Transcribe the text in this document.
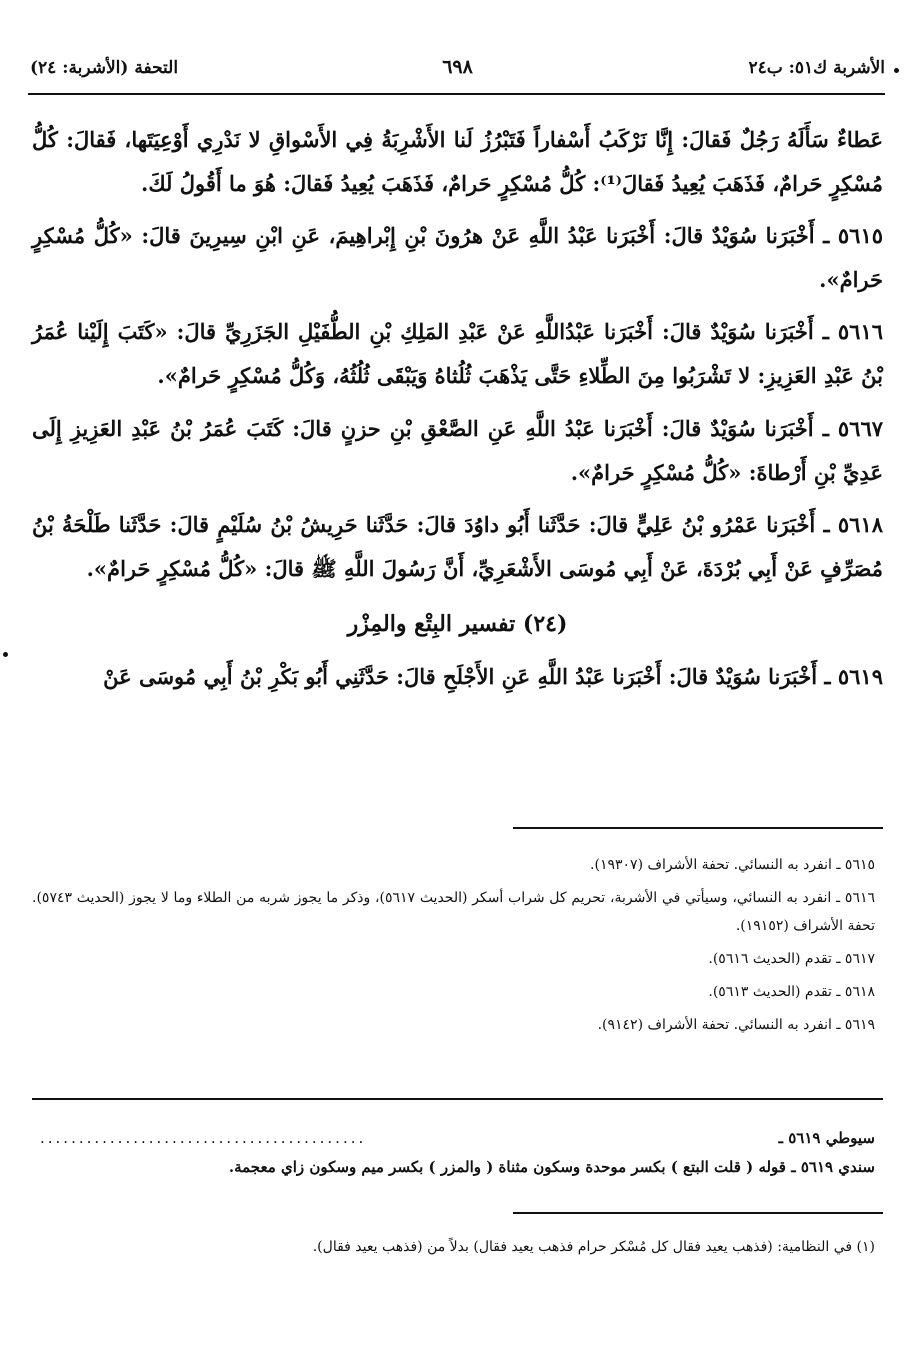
الأشربة ك٥١: ب٢٤
٦٩٨
التحفة (الأشربة: ٢٤)

عَطاءٌ سَأَلَهُ رَجُلٌ فَقالَ: إِنَّا نَرْكَبُ أَسْفاراً فَتَبْرُزُ لَنا الأَشْرِبَةُ فِي الأَسْواقِ لا نَدْرِي أَوْعِيَتَها، فَقالَ: كُلُّ مُسْكِرٍ حَرامٌ، فَذَهَبَ يُعِيدُ فَقالَ⁽¹⁾: كُلُّ مُسْكِرٍ حَرامٌ، فَذَهَبَ يُعِيدُ فَقالَ: هُوَ ما أَقُولُ لَكَ.

٥٦١٥ ـ أَخْبَرَنا سُوَيْدٌ قالَ: أَخْبَرَنا عَبْدُ اللَّهِ عَنْ هرُونَ بْنِ إِبْراهِيمَ، عَنِ ابْنِ سِيرِينَ قالَ: «كُلُّ مُسْكِرٍ حَرامٌ».

٥٦١٦ ـ أَخْبَرَنا سُوَيْدٌ قالَ: أَخْبَرَنا عَبْدُاللَّهِ عَنْ عَبْدِ المَلِكِ بْنِ الطُّفَيْلِ الجَزَرِيِّ قالَ: «كَتَبَ إِلَيْنا عُمَرُ بْنُ عَبْدِ العَزِيزِ: لا تَشْرَبُوا مِنَ الطِّلاءِ حَتَّى يَذْهَبَ ثُلُثاهُ وَيَبْقَى ثُلُثُهُ، وَكُلُّ مُسْكِرٍ حَرامٌ».

٥٦٦٧ ـ أَخْبَرَنا سُوَيْدٌ قالَ: أَخْبَرَنا عَبْدُ اللَّهِ عَنِ الصَّعْقِ بْنِ حزنٍ قالَ: كَتَبَ عُمَرُ بْنُ عَبْدِ العَزِيزِ إِلَى عَدِيِّ بْنِ أَرْطاةَ: «كُلُّ مُسْكِرٍ حَرامٌ».

٥٦١٨ ـ أَخْبَرَنا عَمْرُو بْنُ عَلِيٍّ قالَ: حَدَّثَنا أَبُو داوُدَ قالَ: حَدَّثَنا حَرِيشُ بْنُ سُلَيْمٍ قالَ: حَدَّثَنا طَلْحَةُ بْنُ مُصَرِّفٍ عَنْ أَبِي بُرْدَةَ، عَنْ أَبِي مُوسَى الأَشْعَرِيِّ، أَنَّ رَسُولَ اللَّهِ ﷺ قالَ: «كُلُّ مُسْكِرٍ حَرامٌ».

(٢٤) تفسير البِتْع والمِزْر

٥٦١٩ ـ أَخْبَرَنا سُوَيْدٌ قالَ: أَخْبَرَنا عَبْدُ اللَّهِ عَنِ الأَجْلَحِ قالَ: حَدَّثَنِي أَبُو بَكْرِ بْنُ أَبِي مُوسَى عَنْ

٥٦١٥ ـ انفرد به النسائي. تحفة الأشراف (١٩٣٠٧).

٥٦١٦ ـ انفرد به النسائي، وسيأتي في الأشربة، تحريم كل شراب أسكر (الحديث ٥٦١٧)، وذكر ما يجوز شربه من الطلاء وما لا يجوز (الحديث ٥٧٤٣). تحفة الأشراف (١٩١٥٢).

٥٦١٧ ـ تقدم (الحديث ٥٦١٦).

٥٦١٨ ـ تقدم (الحديث ٥٦١٣).

٥٦١٩ ـ انفرد به النسائي. تحفة الأشراف (٩١٤٢).

سيوطي ٥٦١٩ ـ
..........................................
سندي ٥٦١٩ ـ قوله ( قلت البتع ) بكسر موحدة وسكون مثناة ( والمزر ) بكسر ميم وسكون زاي معجمة.
(١) في النظامية: (فذهب يعيد فقال كل مُسْكر حرام فذهب يعيد فقال) بدلاً من (فذهب يعيد فقال).
